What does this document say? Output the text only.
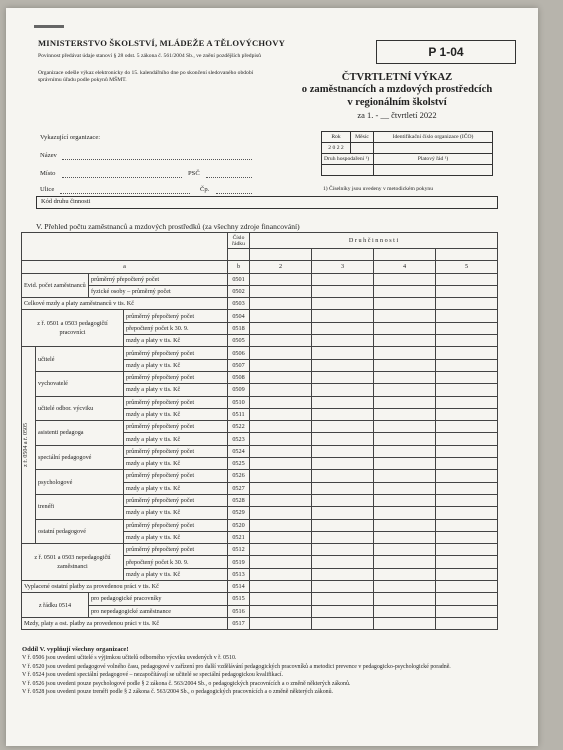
MINISTERSTVO ŠKOLSTVÍ, MLÁDEŽE A TĚLOVÝCHOVY
Povinnost předávat údaje stanoví § 28 odst. 5 zákona č. 561/2004 Sb., ve znění pozdějších předpisů
Organizace odešle výkaz elektronicky do 15. kalendářního dne po skončení sledovaného období správnímu úřadu podle pokynů MŠMT.
P 1-04
ČTVRTLETNÍ VÝKAZ
o zaměstnancích a mzdových prostředcích
v regionálním školství
za 1. - __ čtvrtletí 2022
Vykazující organizace:
Název
Místo	PSČ
Ulice	Čp.
Rok	Měsíc	Identifikační číslo organizace (IČO)
2 0 2 2		
Druh hospodaření ¹)		Platový řád ¹)

1) Číselníky jsou uvedeny v metodickém pokynu
Kód druhu činnosti
V. Přehled počtu zaměstnanců a mzdových prostředků (za všechny zdroje financování)
				Číslo řádku	D r u h č i n n o s t i			

a				b	2	3	4	5
Evid. počet zaměstnanců		průměrný přepočtený počet		0501				
		fyzické osoby – průměrný počet		0502				
Celkové mzdy a platy zaměstnanců v tis. Kč				0503				
z ř. 0501 a 0503 pedagogičtí pracovníci			průměrný přepočtený počet	0504				
			přepočtený počet k 30. 9.	0518				
			mzdy a platy v tis. Kč	0505				

z ř. 0504 a ř. 0505	učitelé		průměrný přepočtený počet	0506				
			mzdy a platy v tis. Kč	0507				
	vychovatelé		průměrný přepočtený počet	0508				
			mzdy a platy v tis. Kč	0509				
	učitelé odbor. výcviku		průměrný přepočtený počet	0510				
			mzdy a platy v tis. Kč	0511				
	asistenti pedagoga		průměrný přepočtený počet	0522				
			mzdy a platy v tis. Kč	0523				
	speciální pedagogové		průměrný přepočtený počet	0524				
			mzdy a platy v tis. Kč	0525				
	psychologové		průměrný přepočtený počet	0526				
			mzdy a platy v tis. Kč	0527				
	trenéři		průměrný přepočtený počet	0528				
			mzdy a platy v tis. Kč	0529				
	ostatní pedagogové		průměrný přepočtený počet	0520				
			mzdy a platy v tis. Kč	0521				
z ř. 0501 a 0503 nepedagogičtí zaměstnanci			průměrný přepočtený počet	0512				
			přepočtený počet k 30. 9.	0519				
			mzdy a platy v tis. Kč	0513				
Vyplacené ostatní platby za provedenou práci v tis. Kč				0514				
z řádku 0514		pro pedagogické pracovníky		0515				
		pro nepedagogické zaměstnance		0516				
Mzdy, platy a ost. platby za provedenou práci v tis. Kč				0517				
Oddíl V. vyplňují všechny organizace!
V ř. 0506 jsou uvedeni učitelé s výjimkou učitelů odborného výcviku uvedených v ř. 0510.
V ř. 0520 jsou uvedeni pedagogové volného času, pedagogové v zařízení pro další vzdělávání pedagogických pracovníků a metodici prevence v pedagogicko-psychologické poradně.
V ř. 0524 jsou uvedeni speciální pedagogové – nezapočítávají se učitelé se speciální pedagogickou kvalifikací.
V ř. 0526 jsou uvedeni pouze psychologové podle § 2 zákona č. 563/2004 Sb., o pedagogických pracovnících a o změně některých zákonů.
V ř. 0528 jsou uvedeni pouze trenéři podle § 2 zákona č. 563/2004 Sb., o pedagogických pracovnících a o změně některých zákonů.
